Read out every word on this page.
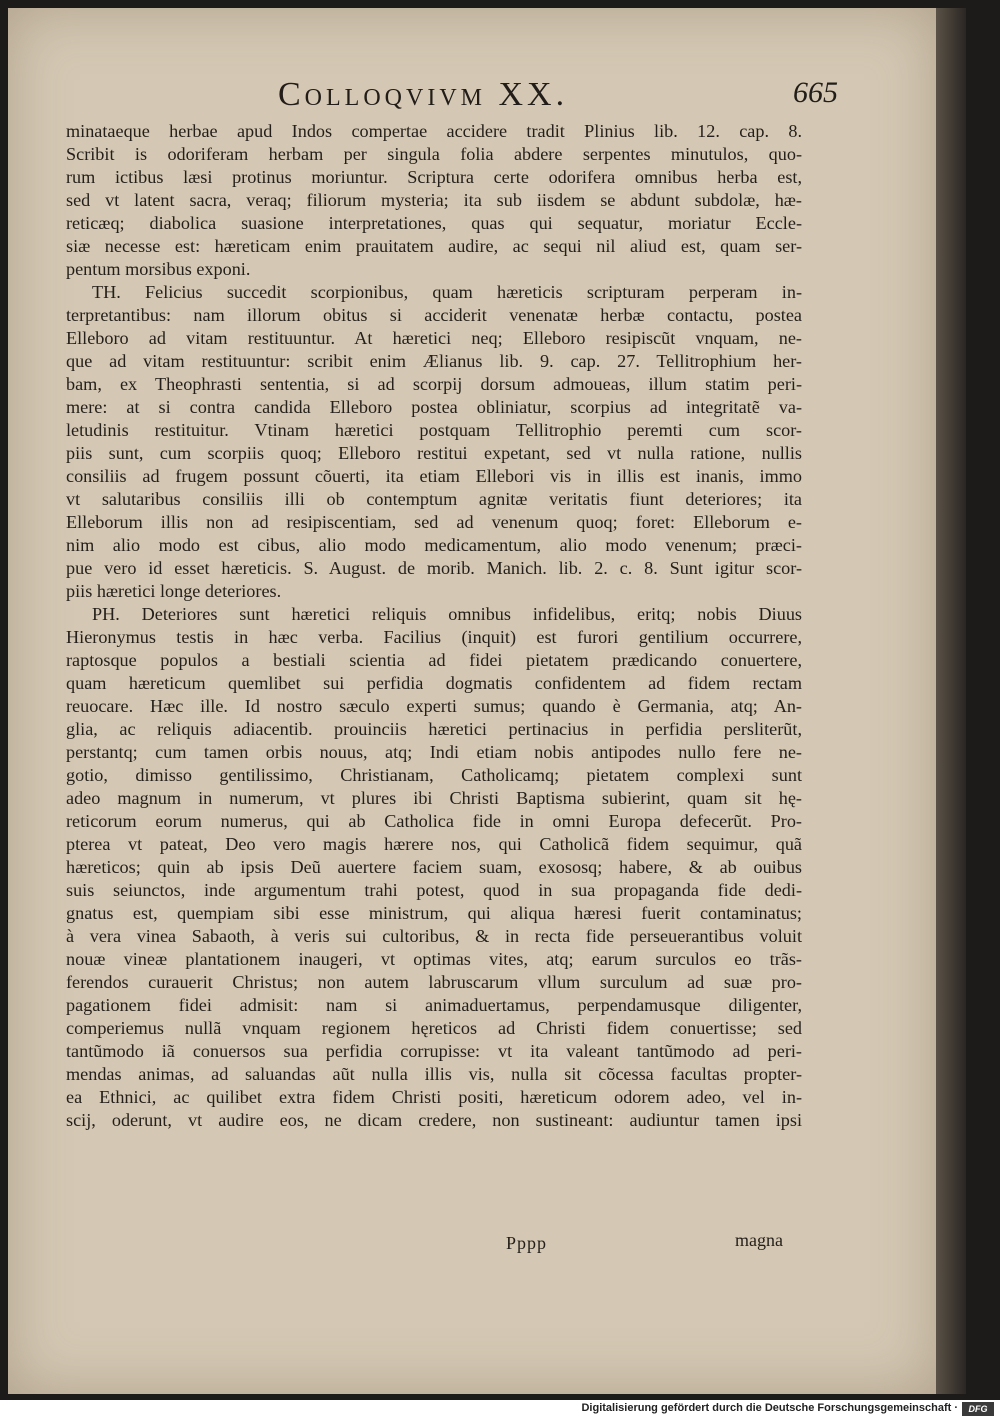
Colloqvivm XX.	665
minataeque herbae apud Indos compertae accidere tradit Plinius lib. 12. cap. 8.
Scribit is odoriferam herbam per singula folia abdere serpentes minutulos, quo-
rum ictibus læsi protinus moriuntur. Scriptura certe odorifera omnibus herba est,
sed vt latent sacra, veraq; filiorum mysteria; ita sub iisdem se abdunt subdolæ, hæ-
reticæq; diabolica suasione interpretationes, quas qui sequatur, moriatur Eccle-
siæ necesse est: hæreticam enim prauitatem audire, ac sequi nil aliud est, quam ser-
pentum morsibus exponi.
TH. Felicius succedit scorpionibus, quam hæreticis scripturam perperam in-
terpretantibus: nam illorum obitus si acciderit venenatæ herbæ contactu, postea
Elleboro ad vitam restituuntur. At hæretici neq; Elleboro resipiscũt vnquam, ne-
que ad vitam restituuntur: scribit enim Ælianus lib. 9. cap. 27. Tellitrophium her-
bam, ex Theophrasti sententia, si ad scorpij dorsum admoueas, illum statim peri-
mere: at si contra candida Elleboro postea obliniatur, scorpius ad integritatẽ va-
letudinis restituitur. Vtinam hæretici postquam Tellitrophio peremti cum scor-
piis sunt, cum scorpiis quoq; Elleboro restitui expetant, sed vt nulla ratione, nullis
consiliis ad frugem possunt cõuerti, ita etiam Ellebori vis in illis est inanis, immo
vt salutaribus consiliis illi ob contemptum agnitæ veritatis fiunt deteriores; ita
Elleborum illis non ad resipiscentiam, sed ad venenum quoq; foret: Elleborum e-
nim alio modo est cibus, alio modo medicamentum, alio modo venenum; præci-
pue vero id esset hæreticis. S. August. de morib. Manich. lib. 2. c. 8. Sunt igitur scor-
piis hæretici longe deteriores.
PH. Deteriores sunt hæretici reliquis omnibus infidelibus, eritq; nobis Diuus
Hieronymus testis in hæc verba. Facilius (inquit) est furori gentilium occurrere,
raptosque populos a bestiali scientia ad fidei pietatem prædicando conuertere,
quam hæreticum quemlibet sui perfidia dogmatis confidentem ad fidem rectam
reuocare. Hæc ille. Id nostro sæculo experti sumus; quando è Germania, atq; An-
glia, ac reliquis adiacentib. prouinciis hæretici pertinacius in perfidia persliterũt,
perstantq; cum tamen orbis nouus, atq; Indi etiam nobis antipodes nullo fere ne-
gotio, dimisso gentilissimo, Christianam, Catholicamq; pietatem complexi sunt
adeo magnum in numerum, vt plures ibi Christi Baptisma subierint, quam sit hę-
reticorum eorum numerus, qui ab Catholica fide in omni Europa defecerũt. Pro-
pterea vt pateat, Deo vero magis hærere nos, qui Catholicã fidem sequimur, quã
hæreticos; quin ab ipsis Deũ auertere faciem suam, exososq; habere, & ab ouibus
suis seiunctos, inde argumentum trahi potest, quod in sua propaganda fide dedi-
gnatus est, quempiam sibi esse ministrum, qui aliqua hæresi fuerit contaminatus;
à vera vinea Sabaoth, à veris sui cultoribus, & in recta fide perseuerantibus voluit
nouæ vineæ plantationem inaugeri, vt optimas vites, atq; earum surculos eo trãs-
ferendos curauerit Christus; non autem labruscarum vllum surculum ad suæ pro-
pagationem fidei admisit: nam si animaduertamus, perpendamusque diligenter,
comperiemus nullã vnquam regionem hęreticos ad Christi fidem conuertisse; sed
tantũmodo iã conuersos sua perfidia corrupisse: vt ita valeant tantũmodo ad peri-
mendas animas, ad saluandas aũt nulla illis vis, nulla sit cõcessa facultas propter-
ea Ethnici, ac quilibet extra fidem Christi positi, hæreticum odorem adeo, vel in-
scij, oderunt, vt audire eos, ne dicam credere, non sustineant: audiuntur tamen ipsi
Pppp	magna
Digitalisierung gefördert durch die Deutsche Forschungsgemeinschaft ·	DFG
